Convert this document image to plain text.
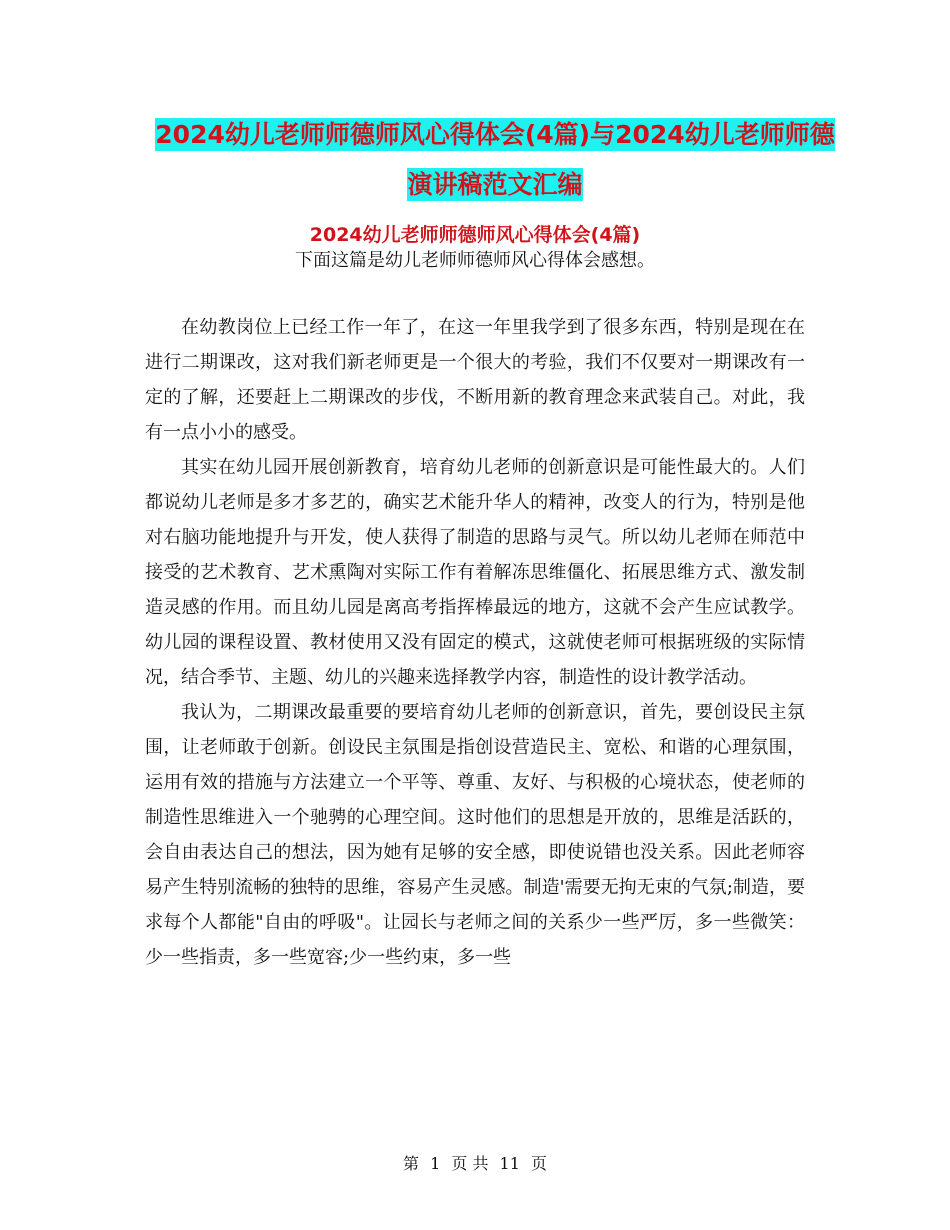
2024幼儿老师师德师风心得体会(4篇)与2024幼儿老师师德演讲稿范文汇编
2024幼儿老师师德师风心得体会(4篇)
下面这篇是幼儿老师师德师风心得体会感想。

在幼教岗位上已经工作一年了，在这一年里我学到了很多东西，特别是现在在进行二期课改，这对我们新老师更是一个很大的考验，我们不仅要对一期课改有一定的了解，还要赶上二期课改的步伐，不断用新的教育理念来武装自己。对此，我有一点小小的感受。

其实在幼儿园开展创新教育，培育幼儿老师的创新意识是可能性最大的。人们都说幼儿老师是多才多艺的，确实艺术能升华人的精神，改变人的行为，特别是他对右脑功能地提升与开发，使人获得了制造的思路与灵气。所以幼儿老师在师范中接受的艺术教育、艺术熏陶对实际工作有着解冻思维僵化、拓展思维方式、激发制造灵感的作用。而且幼儿园是离高考指挥棒最远的地方，这就不会产生应试教学。幼儿园的课程设置、教材使用又没有固定的模式，这就使老师可根据班级的实际情况，结合季节、主题、幼儿的兴趣来选择教学内容，制造性的设计教学活动。

我认为，二期课改最重要的要培育幼儿老师的创新意识，首先，要创设民主氛围，让老师敢于创新。创设民主氛围是指创设营造民主、宽松、和谐的心理氛围，运用有效的措施与方法建立一个平等、尊重、友好、与积极的心境状态，使老师的制造性思维进入一个驰骋的心理空间。这时他们的思想是开放的，思维是活跃的，会自由表达自己的想法，因为她有足够的安全感，即使说错也没关系。因此老师容易产生特别流畅的独特的思维，容易产生灵感。制造'需要无拘无束的气氛;制造，要求每个人都能"自由的呼吸"。让园长与老师之间的关系少一些严厉，多一些微笑：少一些指责，多一些宽容;少一些约束，多一些

第 1 页 共 11 页
